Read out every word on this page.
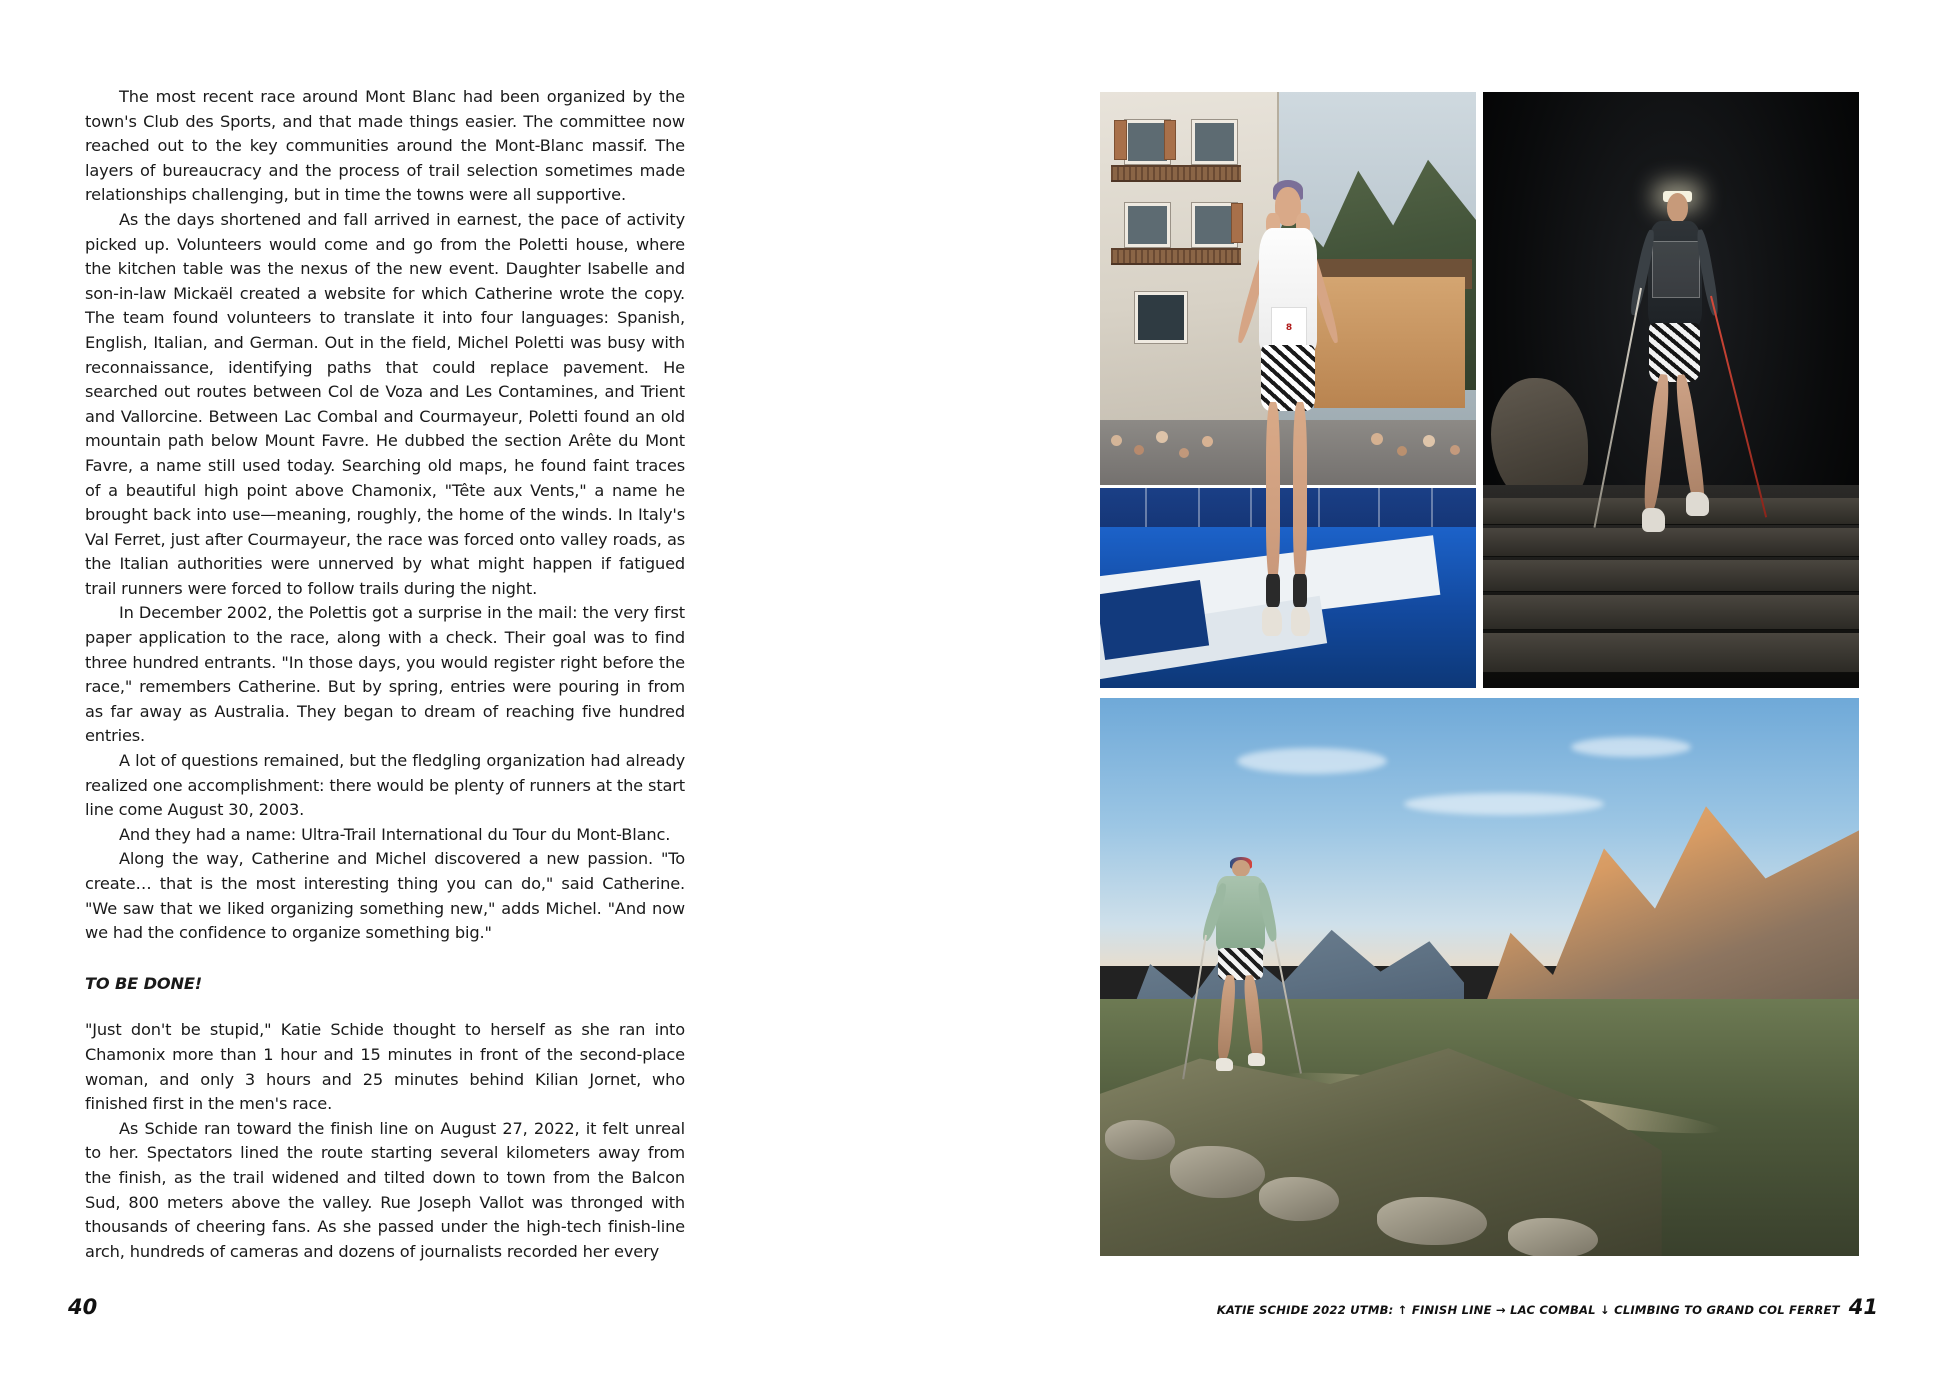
The most recent race around Mont Blanc had been organized by the town's Club des Sports, and that made things easier. The committee now reached out to the key communities around the Mont-Blanc massif. The layers of bureaucracy and the process of trail selection sometimes made relationships challenging, but in time the towns were all supportive.

As the days shortened and fall arrived in earnest, the pace of activity picked up. Volunteers would come and go from the Poletti house, where the kitchen table was the nexus of the new event. Daughter Isabelle and son-in-law Mickaël created a website for which Catherine wrote the copy. The team found volunteers to translate it into four languages: Spanish, English, Italian, and German. Out in the field, Michel Poletti was busy with reconnaissance, identifying paths that could replace pavement. He searched out routes between Col de Voza and Les Contamines, and Trient and Vallorcine. Between Lac Combal and Courmayeur, Poletti found an old mountain path below Mount Favre. He dubbed the section Arête du Mont Favre, a name still used today. Searching old maps, he found faint traces of a beautiful high point above Chamonix, "Tête aux Vents," a name he brought back into use—meaning, roughly, the home of the winds. In Italy's Val Ferret, just after Courmayeur, the race was forced onto valley roads, as the Italian authorities were unnerved by what might happen if fatigued trail runners were forced to follow trails during the night.

In December 2002, the Polettis got a surprise in the mail: the very first paper application to the race, along with a check. Their goal was to find three hundred entrants. "In those days, you would register right before the race," remembers Catherine. But by spring, entries were pouring in from as far away as Australia. They began to dream of reaching five hundred entries.

A lot of questions remained, but the fledgling organization had already realized one accomplishment: there would be plenty of runners at the start line come August 30, 2003.

And they had a name: Ultra-Trail International du Tour du Mont-Blanc.

Along the way, Catherine and Michel discovered a new passion. "To create… that is the most interesting thing you can do," said Catherine. "We saw that we liked organizing something new," adds Michel. "And now we had the confidence to organize something big."

TO BE DONE!

"Just don't be stupid," Katie Schide thought to herself as she ran into Chamonix more than 1 hour and 15 minutes in front of the second-place woman, and only 3 hours and 25 minutes behind Kilian Jornet, who finished first in the men's race.

As Schide ran toward the finish line on August 27, 2022, it felt unreal to her. Spectators lined the route starting several kilometers away from the finish, as the trail widened and tilted down to town from the Balcon Sud, 800 meters above the valley. Rue Joseph Vallot was thronged with thousands of cheering fans. As she passed under the high-tech finish-line arch, hundreds of cameras and dozens of journalists recorded her every

40
8
KATIE SCHIDE 2022 UTMB: ↑ FINISH LINE → LAC COMBAL ↓ CLIMBING TO GRAND COL FERRET 41
